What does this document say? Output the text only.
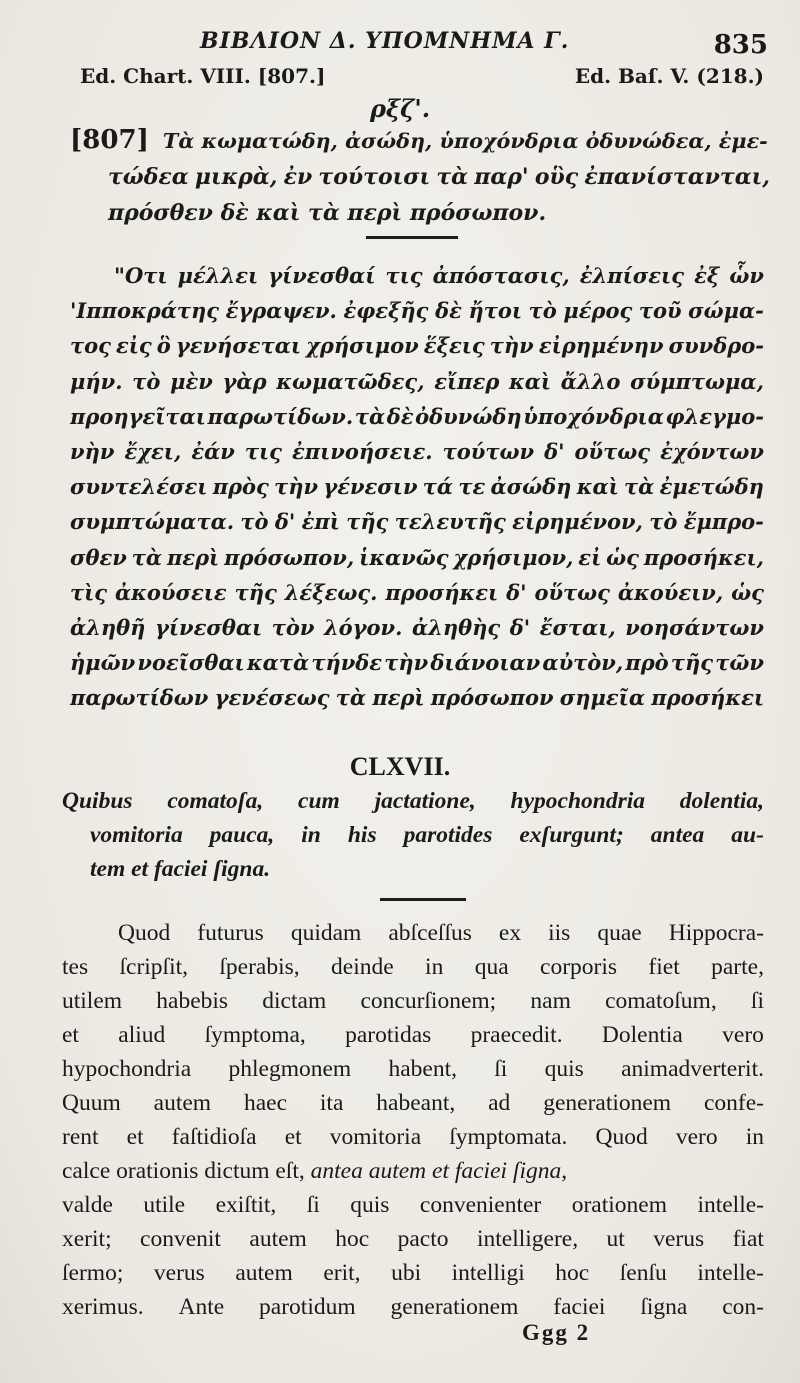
ΒΙΒΛΙΟΝ Δ. ΥΠΟΜΝΗΜΑ Γ.	835
Ed. Chart. VIII. [807.]	Ed. Baſ. V. (218.)
ρξζ'.
[807] Τὰ κωματώδη, ἀσώδη, ὑποχόνδρια ὀδυνώδεα, ἐμε-
τώδεα μικρὰ, ἐν τούτοισι τὰ παρ' οὓς ἐπανίστανται,
πρόσθεν δὲ καὶ τὰ περὶ πρόσωπον.
"Οτι μέλλει γίνεσθαί τις ἀπόστασις, ἐλπίσεις ἐξ ὧν
'Ιπποκράτης ἔγραψεν. ἐφεξῆς δὲ ἤτοι τὸ μέρος τοῦ σώμα-
τος εἰς ὃ γενήσεται χρήσιμον ἕξεις τὴν εἰρημένην συνδρο-
μήν. τὸ μὲν γὰρ κωματῶδες, εἴπερ καὶ ἄλλο σύμπτωμα,
προηγεῖται παρωτίδων. τὰ δὲ ὀδυνώδη ὑποχόνδρια φλεγμο-
νὴν ἔχει, ἐάν τις ἐπινοήσειε. τούτων δ' οὕτως ἐχόντων
συντελέσει πρὸς τὴν γένεσιν τά τε ἀσώδη καὶ τὰ ἐμετώδη
συμπτώματα. τὸ δ' ἐπὶ τῆς τελευτῆς εἰρημένον, τὸ ἔμπρο-
σθεν τὰ περὶ πρόσωπον, ἱκανῶς χρήσιμον, εἰ ὡς προσήκει,
τὶς ἀκούσειε τῆς λέξεως. προσήκει δ' οὕτως ἀκούειν, ὡς
ἀληθῆ γίνεσθαι τὸν λόγον. ἀληθὴς δ' ἔσται, νοησάντων
ἡμῶν νοεῖσθαι κατὰ τήνδε τὴν διάνοιαν αὐτὸν, πρὸ τῆς τῶν
παρωτίδων γενέσεως τὰ περὶ πρόσωπον σημεῖα προσήκει
CLXVII.
Quibus comatoſa, cum jactatione, hypochondria dolentia,
vomitoria pauca, in his parotides exſurgunt; antea au-
tem et faciei ſigna.
Quod futurus quidam abſceſſus ex iis quae Hippocra-
tes ſcripſit, ſperabis, deinde in qua corporis fiet parte,
utilem habebis dictam concurſionem; nam comatoſum, ſi
et aliud ſymptoma, parotidas praecedit. Dolentia vero
hypochondria phlegmonem habent, ſi quis animadverterit.
Quum autem haec ita habeant, ad generationem confe-
rent et faſtidioſa et vomitoria ſymptomata. Quod vero in
calce orationis dictum eſt, antea autem et faciei ſigna,
valde utile exiſtit, ſi quis convenienter orationem intelle-
xerit; convenit autem hoc pacto intelligere, ut verus fiat
ſermo; verus autem erit, ubi intelligi hoc ſenſu intelle-
xerimus. Ante parotidum generationem faciei ſigna con-
Ggg 2
